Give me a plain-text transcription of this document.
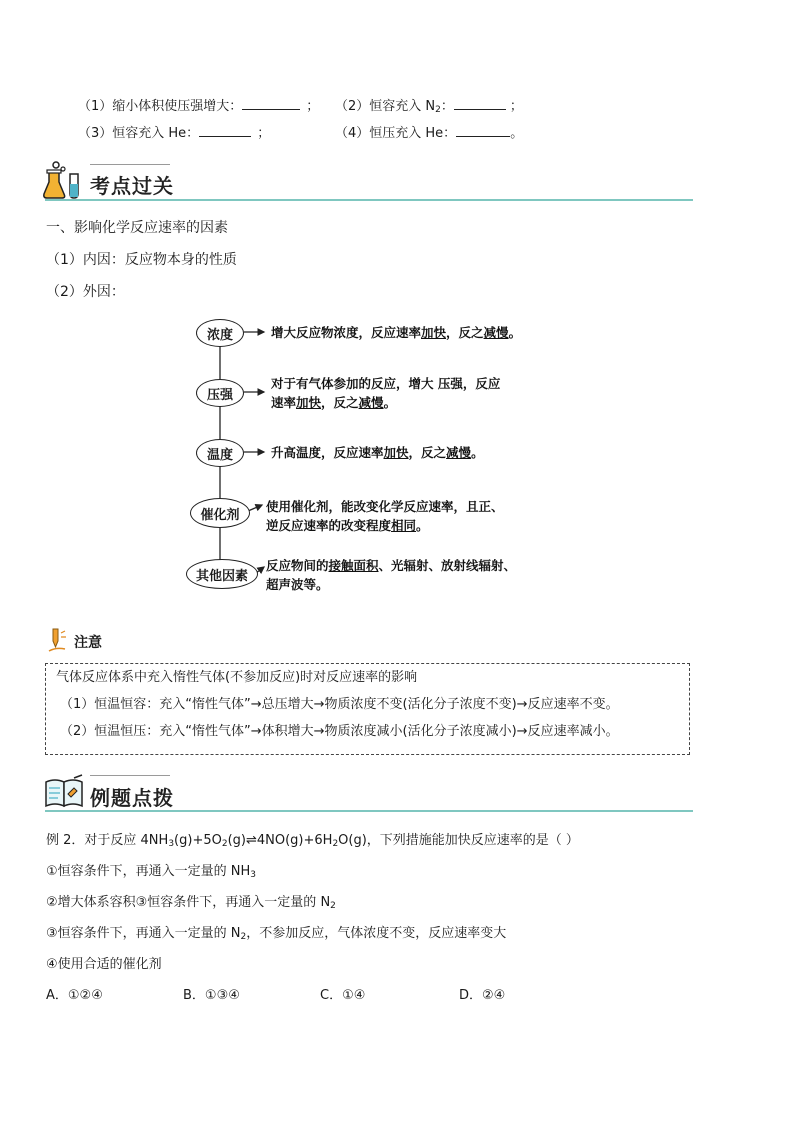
（1）缩小体积使压强增大：	； （2）恒容充入 $N_2$：	；
（3）恒容充入 He：	；	（4）恒压充入 He：	。
考点过关
一、影响化学反应速率的因素
（1）内因：反应物本身的性质
（2）外因：
浓度
压强
温度
催化剂
其他因素
增大反应物浓度，反应速率加快，反之减慢。
对于有气体参加的反应，增大 压强，反应
速率加快，反之减慢。
升高温度，反应速率加快，反之减慢。
使用催化剂，能改变化学反应速率，且正、
逆反应速率的改变程度相同。
反应物间的接触面积、光辐射、放射线辐射、
超声波等。
注意
气体反应体系中充入惰性气体(不参加反应)时对反应速率的影响
（1）恒温恒容：充入“惰性气体”→总压增大→物质浓度不变(活化分子浓度不变)→反应速率不变。
（2）恒温恒压：充入“惰性气体”→体积增大→物质浓度减小(活化分子浓度减小)→反应速率减小。
例题点拨
例 2．对于反应 $4NH_3(g)+5O_2(g)\rightleftharpoons 4NO(g)+6H_2O(g)$，下列措施能加快反应速率的是（ ）
①恒容条件下，再通入一定量的 $NH_3$
②增大体系容积③恒容条件下，再通入一定量的 $N_2$
③恒容条件下，再通入一定量的 $N_2$，不参加反应，气体浓度不变，反应速率变大
④使用合适的催化剂
A．①②④	B．①③④	C．①④	D．②④
